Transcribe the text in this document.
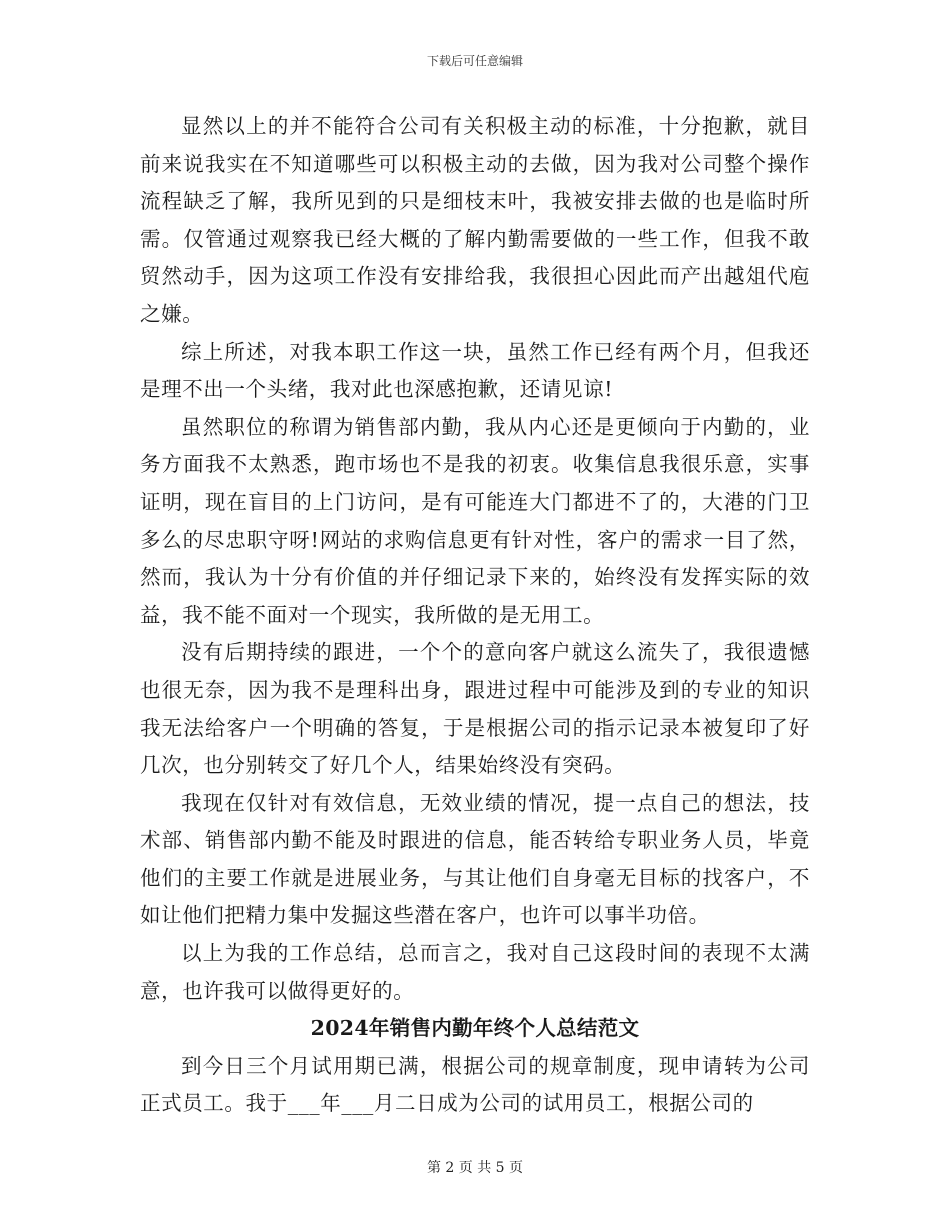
下载后可任意编辑

显然以上的并不能符合公司有关积极主动的标准，十分抱歉，就目前来说我实在不知道哪些可以积极主动的去做，因为我对公司整个操作流程缺乏了解，我所见到的只是细枝末叶，我被安排去做的也是临时所需。仅管通过观察我已经大概的了解内勤需要做的一些工作，但我不敢贸然动手，因为这项工作没有安排给我，我很担心因此而产出越俎代庖之嫌。

综上所述，对我本职工作这一块，虽然工作已经有两个月，但我还是理不出一个头绪，我对此也深感抱歉，还请见谅!

虽然职位的称谓为销售部内勤，我从内心还是更倾向于内勤的，业务方面我不太熟悉，跑市场也不是我的初衷。收集信息我很乐意，实事证明，现在盲目的上门访问，是有可能连大门都进不了的，大港的门卫多么的尽忠职守呀!网站的求购信息更有针对性，客户的需求一目了然，然而，我认为十分有价值的并仔细记录下来的，始终没有发挥实际的效益，我不能不面对一个现实，我所做的是无用工。

没有后期持续的跟进，一个个的意向客户就这么流失了，我很遗憾也很无奈，因为我不是理科出身，跟进过程中可能涉及到的专业的知识我无法给客户一个明确的答复，于是根据公司的指示记录本被复印了好几次，也分别转交了好几个人，结果始终没有突码。

我现在仅针对有效信息，无效业绩的情况，提一点自己的想法，技术部、销售部内勤不能及时跟进的信息，能否转给专职业务人员，毕竟他们的主要工作就是进展业务，与其让他们自身毫无目标的找客户，不如让他们把精力集中发掘这些潜在客户，也许可以事半功倍。

以上为我的工作总结，总而言之，我对自己这段时间的表现不太满意，也许我可以做得更好的。

2024年销售内勤年终个人总结范文

到今日三个月试用期已满，根据公司的规章制度，现申请转为公司正式员工。我于___年___月二日成为公司的试用员工，根据公司的

第 2 页 共 5 页
